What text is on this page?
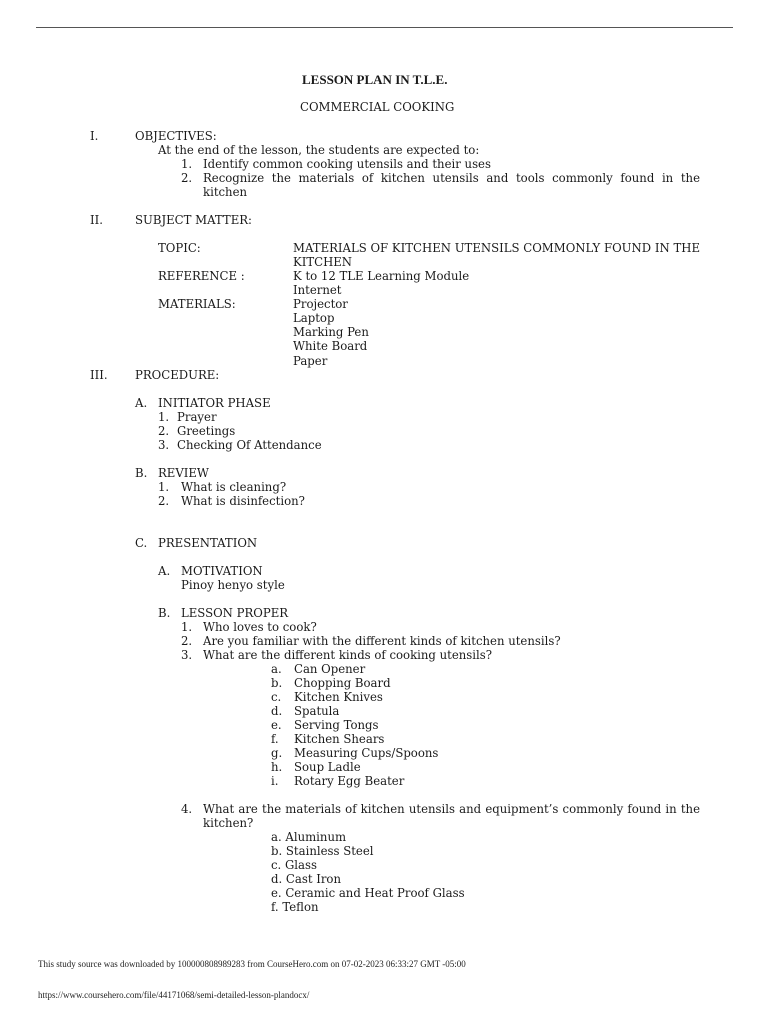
LESSON PLAN IN T.L.E.
COMMERCIAL COOKING
I.	OBJECTIVES:
At the end of the lesson, the students are expected to:
1. Identify common cooking utensils and their uses
2. Recognize the materials of kitchen utensils and tools commonly found in the kitchen
II.	SUBJECT MATTER:
TOPIC:	MATERIALS OF KITCHEN UTENSILS COMMONLY FOUND IN THE KITCHEN
REFERENCE :	K to 12 TLE Learning Module
Internet
MATERIALS:	Projector
Laptop
Marking Pen
White Board
Paper
III. PROCEDURE:
A. INITIATOR PHASE
1. Prayer
2. Greetings
3. Checking Of Attendance
B. REVIEW
1. What is cleaning?
2. What is disinfection?
C. PRESENTATION
A. MOTIVATION
Pinoy henyo style
B. LESSON PROPER
1. Who loves to cook?
2. Are you familiar with the different kinds of kitchen utensils?
3. What are the different kinds of cooking utensils?
a. Can Opener
b. Chopping Board
c. Kitchen Knives
d. Spatula
e. Serving Tongs
f. Kitchen Shears
g. Measuring Cups/Spoons
h. Soup Ladle
i. Rotary Egg Beater
4. What are the materials of kitchen utensils and equipment’s commonly found in the kitchen?
a. Aluminum
b. Stainless Steel
c. Glass
d. Cast Iron
e. Ceramic and Heat Proof Glass
f. Teflon
This study source was downloaded by 100000808989283 from CourseHero.com on 07-02-2023 06:33:27 GMT -05:00
https://www.coursehero.com/file/44171068/semi-detailed-lesson-plandocx/
